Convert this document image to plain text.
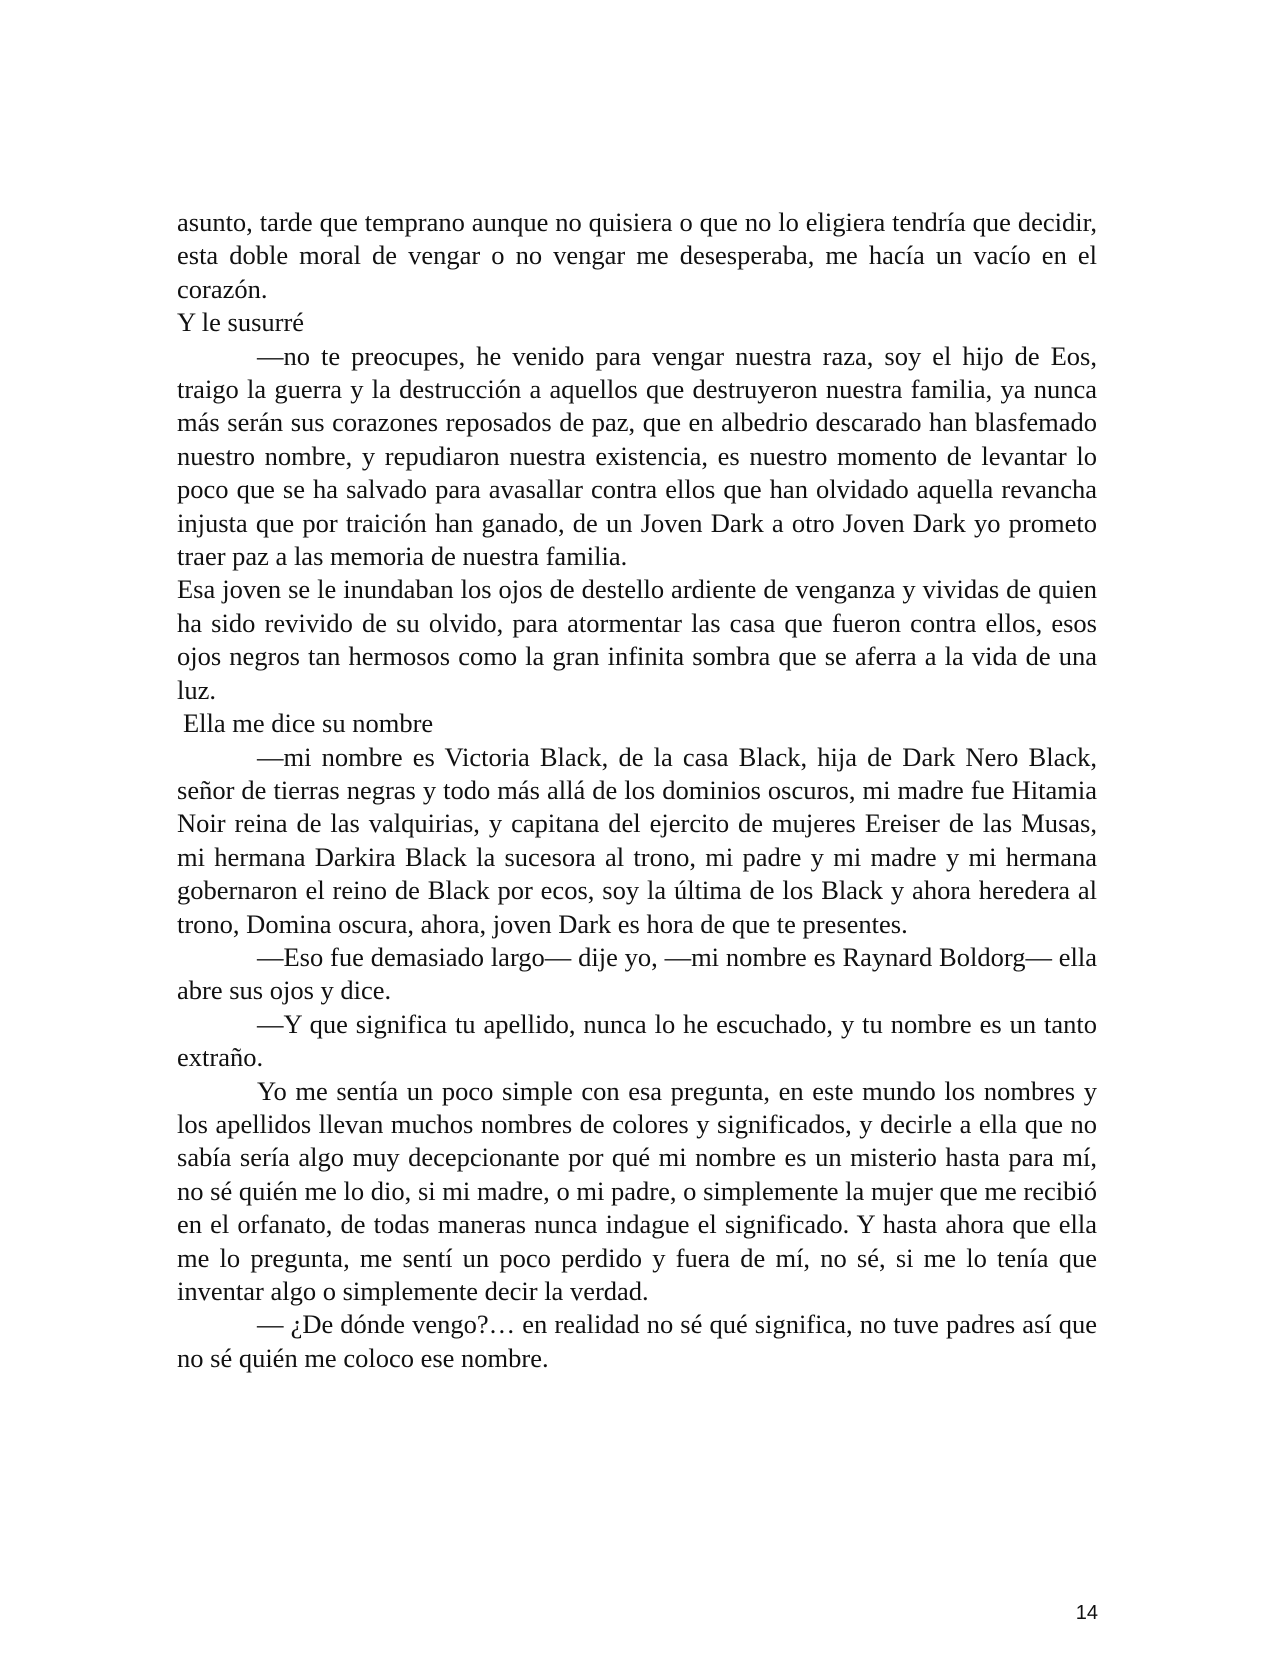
asunto, tarde que temprano aunque no quisiera o que no lo eligiera tendría que decidir, esta doble moral de vengar o no vengar me desesperaba, me hacía un vacío en el corazón.

Y le susurré

—no te preocupes, he venido para vengar nuestra raza, soy el hijo de Eos, traigo la guerra y la destrucción a aquellos que destruyeron nuestra familia, ya nunca más serán sus corazones reposados de paz, que en albedrio descarado han blasfemado nuestro nombre, y repudiaron nuestra existencia, es nuestro momento de levantar lo poco que se ha salvado para avasallar contra ellos que han olvidado aquella revancha injusta que por traición han ganado, de un Joven Dark a otro Joven Dark yo prometo traer paz a las memoria de nuestra familia.

Esa joven se le inundaban los ojos de destello ardiente de venganza y vividas de quien ha sido revivido de su olvido, para atormentar las casa que fueron contra ellos, esos ojos negros tan hermosos como la gran infinita sombra que se aferra a la vida de una luz.

Ella me dice su nombre

—mi nombre es Victoria Black, de la casa Black, hija de Dark Nero Black, señor de tierras negras y todo más allá de los dominios oscuros, mi madre fue Hitamia Noir reina de las valquirias, y capitana del ejercito de mujeres Ereiser de las Musas, mi hermana Darkira Black la sucesora al trono, mi padre y mi madre y mi hermana gobernaron el reino de Black por ecos, soy la última de los Black y ahora heredera al trono, Domina oscura, ahora, joven Dark es hora de que te presentes.

—Eso fue demasiado largo— dije yo, —mi nombre es Raynard Boldorg— ella abre sus ojos y dice.

—Y que significa tu apellido, nunca lo he escuchado, y tu nombre es un tanto extraño.

Yo me sentía un poco simple con esa pregunta, en este mundo los nombres y los apellidos llevan muchos nombres de colores y significados, y decirle a ella que no sabía sería algo muy decepcionante por qué mi nombre es un misterio hasta para mí, no sé quién me lo dio, si mi madre, o mi padre, o simplemente la mujer que me recibió en el orfanato, de todas maneras nunca indague el significado. Y hasta ahora que ella me lo pregunta, me sentí un poco perdido y fuera de mí, no sé, si me lo tenía que inventar algo o simplemente decir la verdad.

— ¿De dónde vengo?… en realidad no sé qué significa, no tuve padres así que no sé quién me coloco ese nombre.

14
